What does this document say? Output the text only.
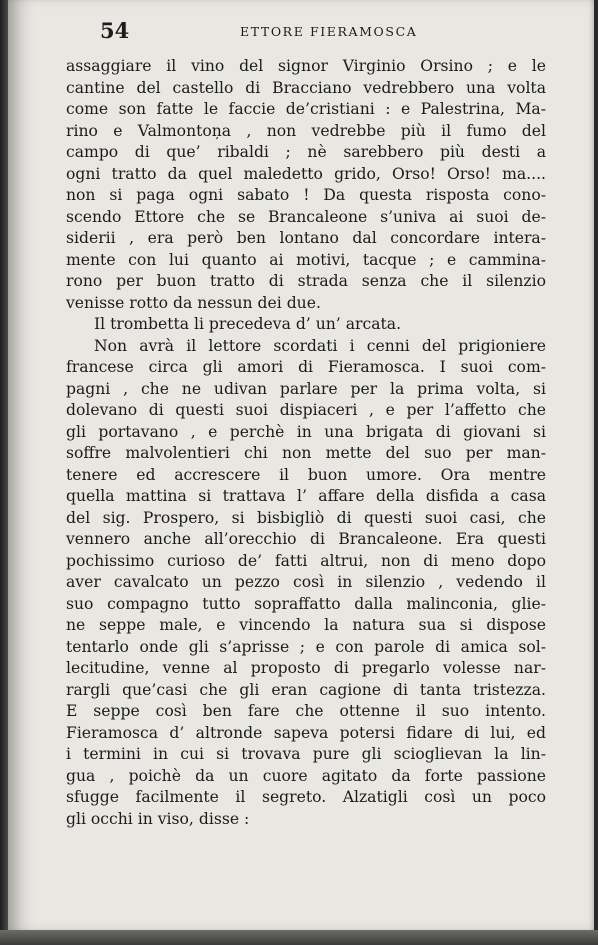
54	ETTORE FIERAMOSCA
assaggiare il vino del signor Virginio Orsino ; e le
cantine del castello di Bracciano vedrebbero una volta
come son fatte le faccie de’cristiani : e Palestrina, Ma-
rino e Valmontoņa , non vedrebbe più il fumo del
campo di que’ ribaldi ; nè sarebbero più desti a
ogni tratto da quel maledetto grido, Orso! Orso! ma....
non si paga ogni sabato ! Da questa risposta cono-
scendo Ettore che se Brancaleone s’univa ai suoi de-
siderii , era però ben lontano dal concordare intera-
mente con lui quanto ai motivi, tacque ; e camminа-
rono per buon tratto di strada senza che il silenzio
venisse rotto da nessun dei due.
Il trombetta li precedeva d’ un’ arcata.
Non avrà il lettore scordati i cenni del prigioniere
francese circa gli amori di Fieramosca. I suoi com-
pagni , che ne udivan parlare per la prima volta, si
dolevano di questi suoi dispiaceri , e per l’affetto che
gli portavano , e perchè in una brigata di giovani si
soffre malvolentieri chi non mette del suo per man-
tenere ed accrescere il buon umore. Ora mentre
quella mattina si trattava l’ affare della disfida a casa
del sig. Prospero, si bisbigliò di questi suoi casi, che
vennero anche all’orecchio di Brancaleone. Era questi
pochissimo curioso de’ fatti altrui, non di meno dopo
aver cavalcato un pezzo così in silenzio , vedendo il
suo compagno tutto sopraffatto dalla malinconia, glie-
ne seppe male, e vincendo la natura sua si dispose
tentarlo onde gli s’aprisse ; e con parole di amica sol-
lecitudine, venne al proposto di pregarlo volesse nar-
rargli que’casi che gli eran cagione di tanta tristezza.
E seppe così ben fare che ottenne il suo intento.
Fieramosca d’ altronde sapeva potersi fidare di lui, ed
i termini in cui si trovava pure gli scioglievan la lin-
gua , poichè da un cuore agitato da forte passione
sfugge facilmente il segreto. Alzatigli così un poco
gli occhi in viso, disse :
